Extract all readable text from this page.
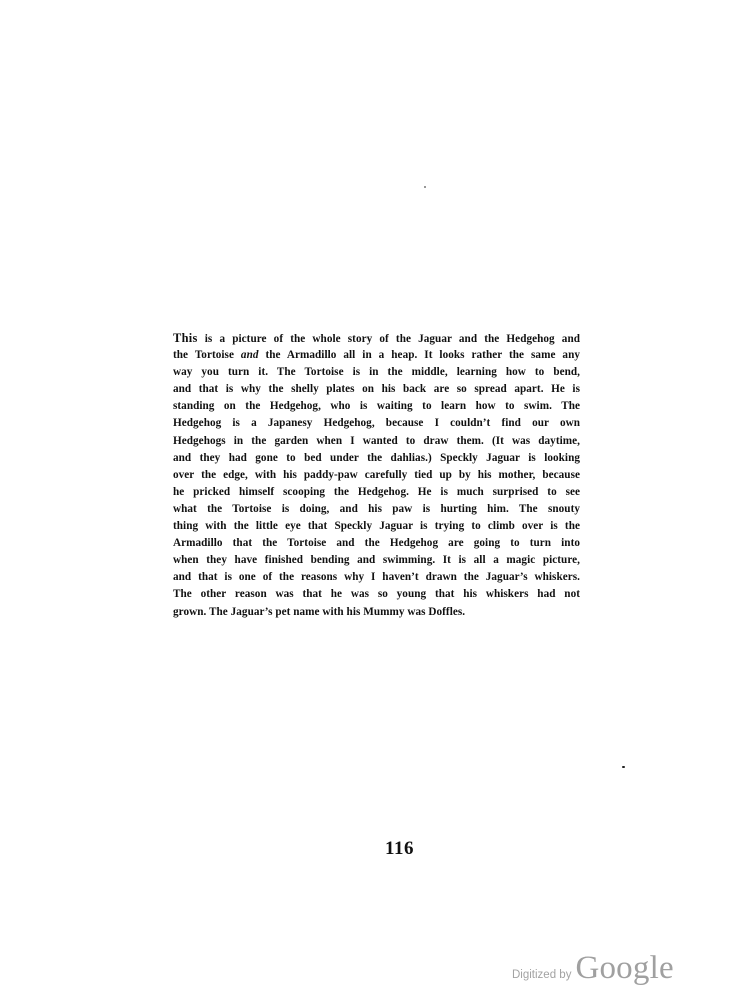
This is a picture of the whole story of the Jaguar and the Hedgehog and
the Tortoise and the Armadillo all in a heap. It looks rather the same any
way you turn it. The Tortoise is in the middle, learning how to bend,
and that is why the shelly plates on his back are so spread apart. He is
standing on the Hedgehog, who is waiting to learn how to swim. The
Hedgehog is a Japanesy Hedgehog, because I couldn’t find our own
Hedgehogs in the garden when I wanted to draw them. (It was daytime,
and they had gone to bed under the dahlias.) Speckly Jaguar is looking
over the edge, with his paddy-paw carefully tied up by his mother, because
he pricked himself scooping the Hedgehog. He is much surprised to see
what the Tortoise is doing, and his paw is hurting him. The snouty
thing with the little eye that Speckly Jaguar is trying to climb over is the
Armadillo that the Tortoise and the Hedgehog are going to turn into
when they have finished bending and swimming. It is all a magic picture,
and that is one of the reasons why I haven’t drawn the Jaguar’s whiskers.
The other reason was that he was so young that his whiskers had not
grown. The Jaguar’s pet name with his Mummy was Doffles.
116
Digitized by Google
